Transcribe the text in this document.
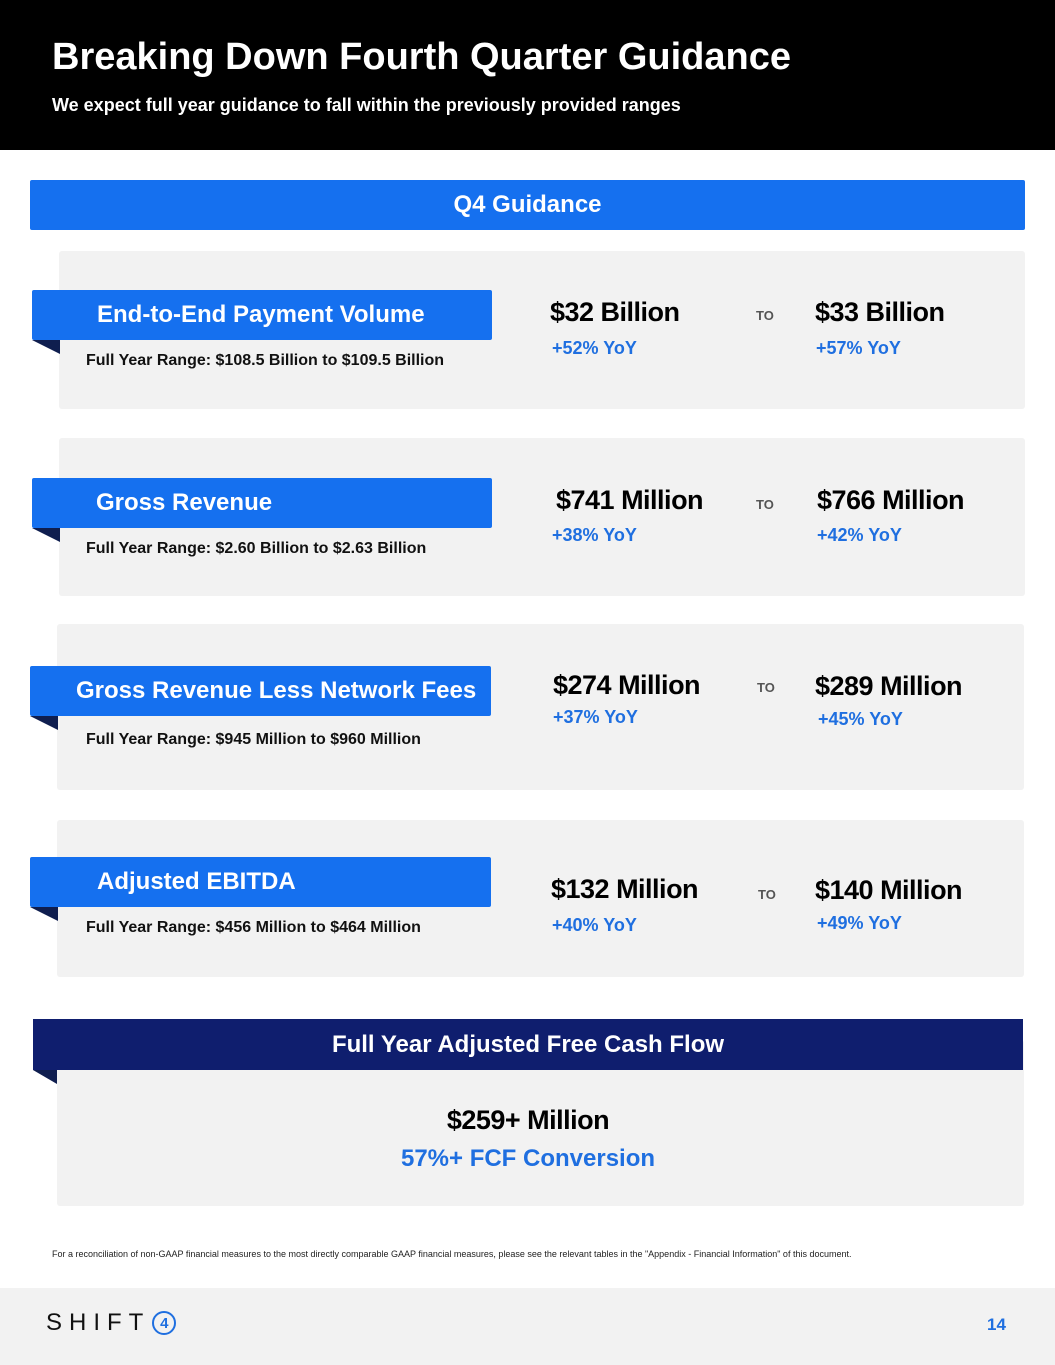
Breaking Down Fourth Quarter Guidance
We expect full year guidance to fall within the previously provided ranges
Q4 Guidance
End-to-End Payment Volume
Full Year Range: $108.5 Billion to $109.5 Billion
$32 Billion
+52% YoY
TO $33 Billion
+57% YoY
Gross Revenue
Full Year Range: $2.60 Billion to $2.63 Billion
$741 Million
+38% YoY
TO $766 Million
+42% YoY
Gross Revenue Less Network Fees
Full Year Range: $945 Million to $960 Million
$274 Million
+37% YoY
TO $289 Million
+45% YoY
Adjusted EBITDA
Full Year Range: $456 Million to $464 Million
$132 Million
+40% YoY
TO $140 Million
+49% YoY
Full Year Adjusted Free Cash Flow
$259+ Million
57%+ FCF Conversion
For a reconciliation of non-GAAP financial measures to the most directly comparable GAAP financial measures, please see the relevant tables in the "Appendix - Financial Information" of this document.
SHIFT 4	14
